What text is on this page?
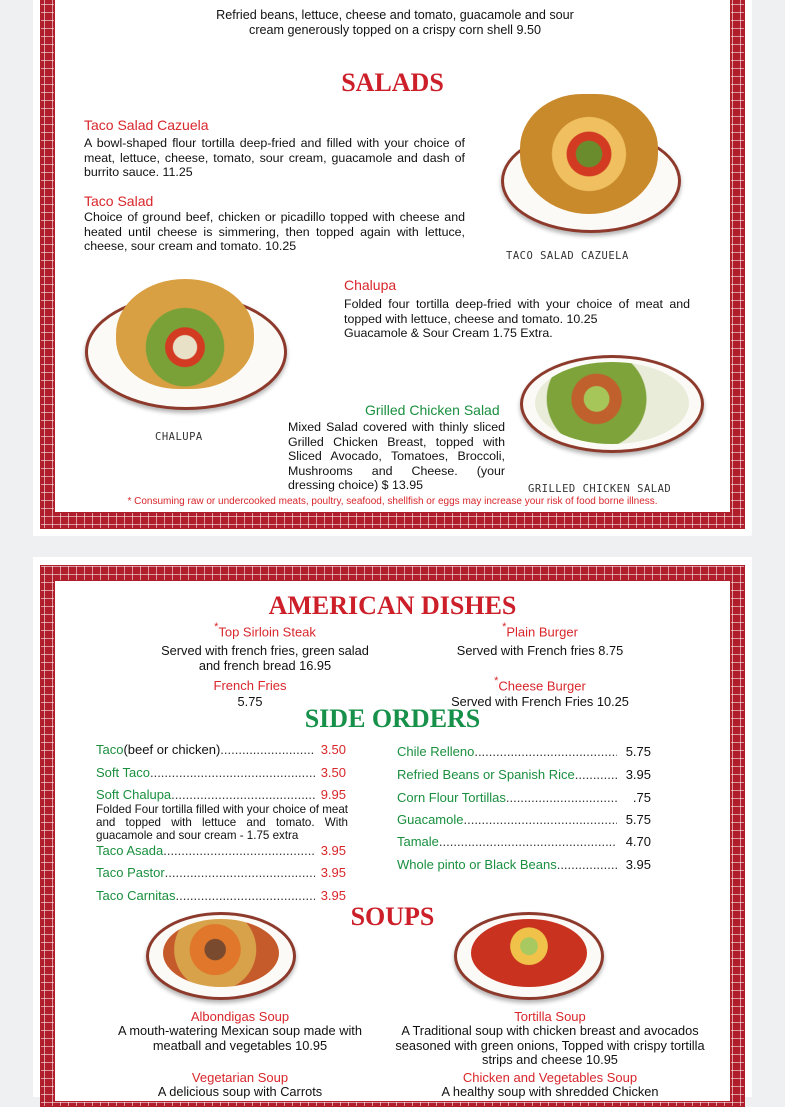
Refried beans, lettuce, cheese and tomato, guacamole and sour cream generously topped on a crispy corn shell 9.50
SALADS
Taco Salad Cazuela
A bowl-shaped flour tortilla deep-fried and filled with your choice of meat, lettuce, cheese, tomato, sour cream, guacamole and dash of burrito sauce. 11.25
Taco Salad
Choice of ground beef, chicken or picadillo topped with cheese and heated until cheese is simmering, then topped again with lettuce, cheese, sour cream and tomato. 10.25
TACO SALAD CAZUELA
Chalupa
Folded four tortilla deep-fried with your choice of meat and topped with lettuce, cheese and tomato. 10.25
Guacamole & Sour Cream 1.75 Extra.
CHALUPA
Grilled Chicken Salad
Mixed Salad covered with thinly sliced Grilled Chicken Breast, topped with Sliced Avocado, Tomatoes, Broccoli, Mushrooms and Cheese. (your dressing choice) $ 13.95	GRILLED CHICKEN SALAD
* Consuming raw or undercooked meats, poultry, seafood, shellfish or eggs may increase your risk of food borne illness.
AMERICAN DISHES
*Top Sirloin Steak
Served with french fries, green salad and french bread 16.95
*Plain Burger
Served with French fries 8.75
French Fries
5.75
*Cheese Burger
Served with French Fries 10.25
SIDE ORDERS
Taco (beef or chicken) .....	3.50
Soft Taco .....	3.50
Soft Chalupa .....	9.95
Folded Four tortilla filled with your choice of meat and topped with lettuce and tomato. With guacamole and sour cream - 1.75 extra
Taco Asada .....	3.95
Taco Pastor .....	3.95
Taco Carnitas .....	3.95
Chile Relleno .....	5.75
Refried Beans or Spanish Rice .....	3.95
Corn Flour Tortillas .....	.75
Guacamole .....	5.75
Tamale .....	4.70
Whole pinto or Black Beans .....	3.95
SOUPS
Albondigas Soup
A mouth-watering Mexican soup made with meatball and vegetables 10.95
Tortilla Soup
A Traditional soup with chicken breast and avocados seasoned with green onions, Topped with crispy tortilla strips and cheese 10.95
Vegetarian Soup
A delicious soup with Carrots
Chicken and Vegetables Soup
A healthy soup with shredded Chicken
